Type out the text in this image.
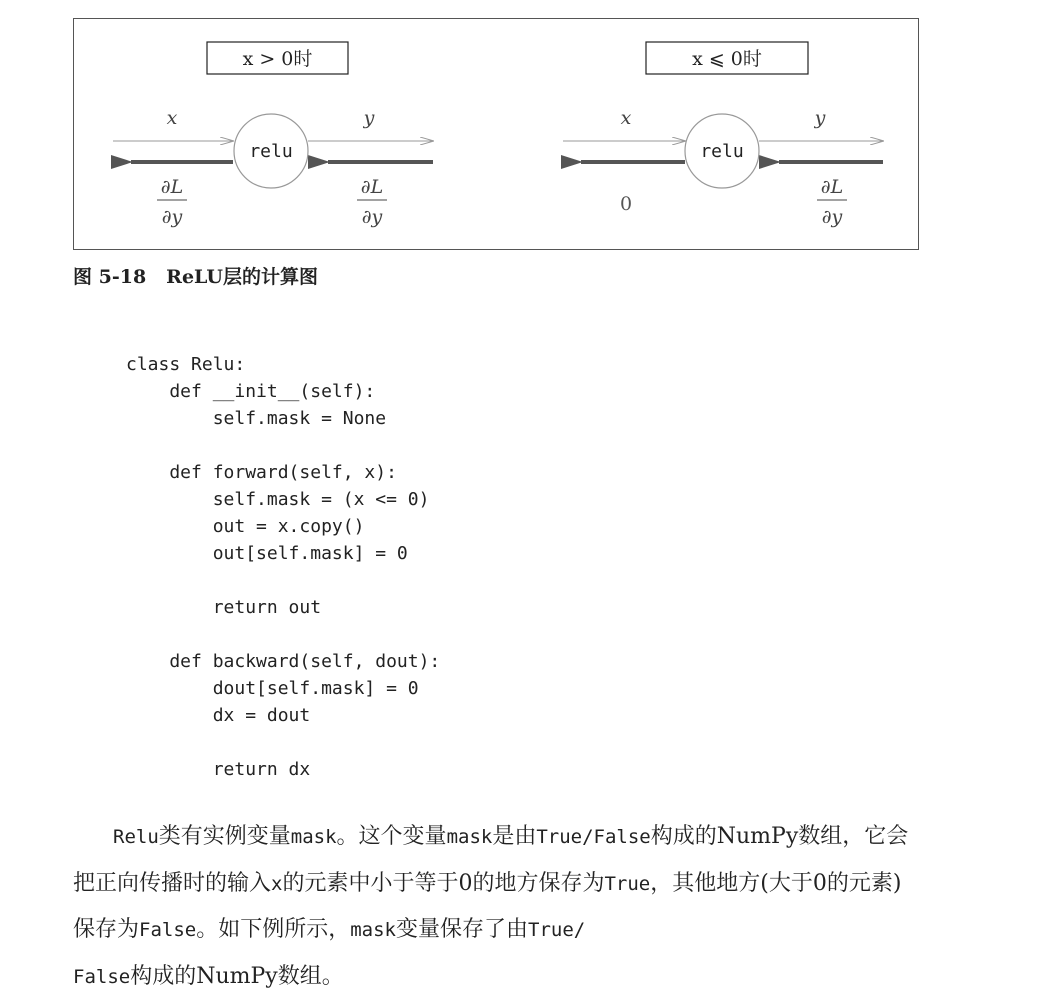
x > 0时
relu
x	y
∂L
∂y
∂L
∂y
x ⩽ 0时
relu
x	y
0
∂L
∂y
图 5-18 ReLU层的计算图
class Relu:
def __init__(self):
self.mask = None
def forward(self, x):
self.mask = (x <= 0)
out = x.copy()
out[self.mask] = 0
return out
def backward(self, dout):
dout[self.mask] = 0
dx = dout
return dx
Relu类有实例变量mask。这个变量mask是由True/False构成的NumPy数组，它会把正向传播时的输入x的元素中小于等于0的地方保存为True，其他地方(大于0的元素)保存为False。如下例所示，mask变量保存了由True/
False构成的NumPy数组。
